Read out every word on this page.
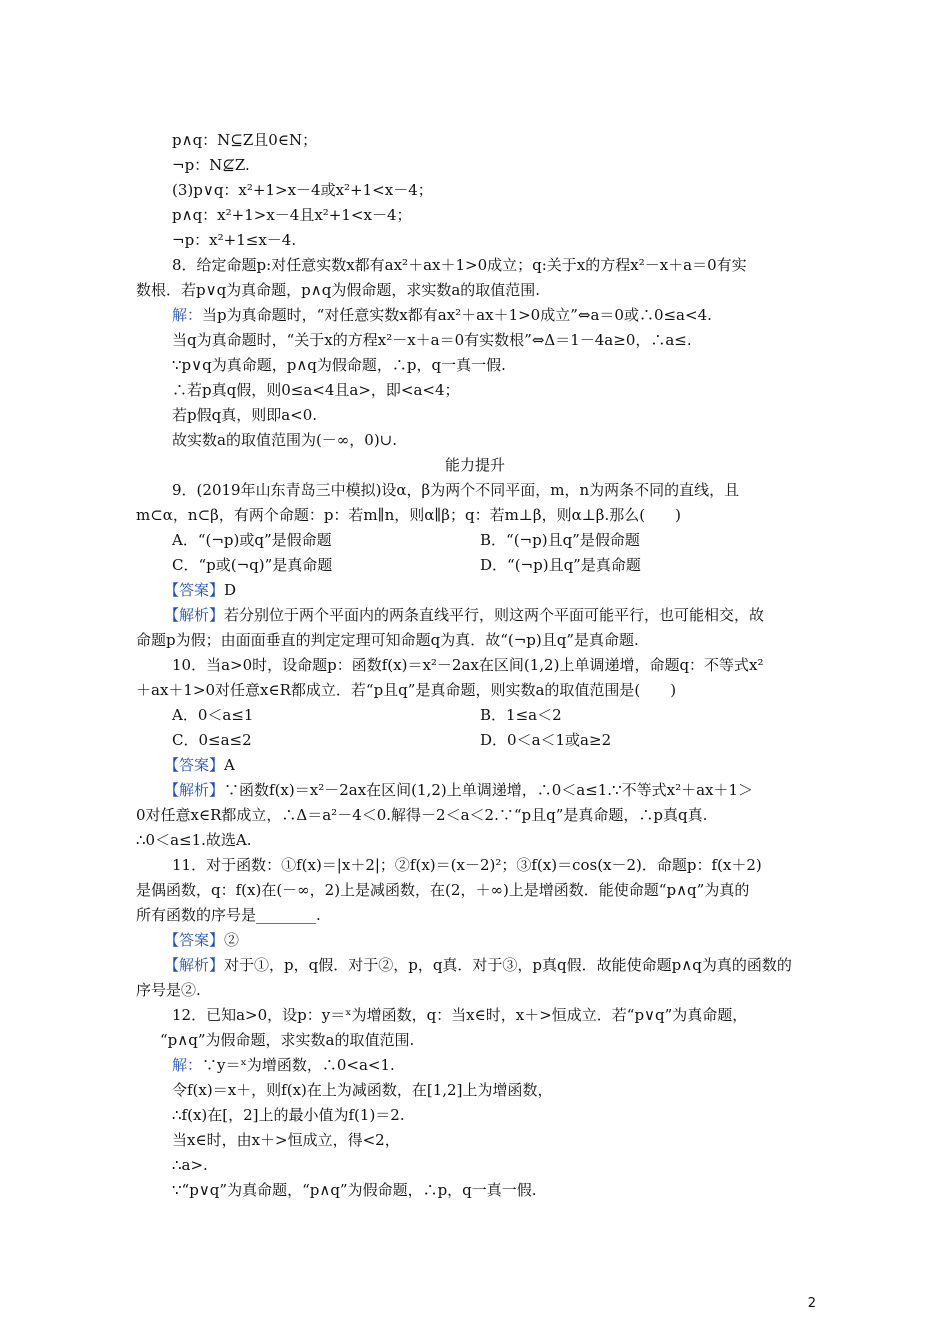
p∧q：N⊆Z且0∈N；
¬p：N⊈Z.
(3)p∨q：x²+1>x－4或x²+1<x－4；
p∧q：x²+1>x－4且x²+1<x－4；
¬p：x²+1≤x－4.
8．给定命题p:对任意实数x都有ax²＋ax＋1>0成立；q:关于x的方程x²－x＋a＝0有实
数根．若p∨q为真命题，p∧q为假命题，求实数a的取值范围.
解：当p为真命题时，“对任意实数x都有ax²＋ax＋1>0成立”⇔a＝0或∴0≤a<4.
当q为真命题时，“关于x的方程x²－x＋a＝0有实数根”⇔Δ＝1－4a≥0，∴a≤.
∵p∨q为真命题，p∧q为假命题，∴p，q一真一假.
∴若p真q假，则0≤a<4且a>，即<a<4；
若p假q真，则即a<0.
故实数a的取值范围为(－∞，0)∪.
能力提升
9．(2019年山东青岛三中模拟)设α，β为两个不同平面，m，n为两条不同的直线，且
m⊂α，n⊂β，有两个命题：p：若m∥n，则α∥β；q：若m⊥β，则α⊥β.那么(　　)
A．“(¬p)或q”是假命题	B．“(¬p)且q”是假命题
C．“p或(¬q)”是真命题	D．“(¬p)且q”是真命题
【答案】D
【解析】若分别位于两个平面内的两条直线平行，则这两个平面可能平行，也可能相交，故
命题p为假；由面面垂直的判定定理可知命题q为真．故“(¬p)且q”是真命题.
10．当a>0时，设命题p：函数f(x)＝x²－2ax在区间(1,2)上单调递增，命题q：不等式x²
＋ax＋1>0对任意x∈R都成立．若“p且q”是真命题，则实数a的取值范围是(　　)
A．0＜a≤1	B．1≤a＜2
C．0≤a≤2	D．0＜a＜1或a≥2
【答案】A
【解析】∵函数f(x)＝x²－2ax在区间(1,2)上单调递增，∴0＜a≤1.∵不等式x²＋ax＋1＞
0对任意x∈R都成立，∴Δ＝a²－4＜0.解得－2＜a＜2.∵“p且q”是真命题，∴p真q真.
∴0＜a≤1.故选A.
11．对于函数：①f(x)＝|x＋2|；②f(x)＝(x－2)²；③f(x)＝cos(x－2)．命题p：f(x＋2)
是偶函数，q：f(x)在(－∞，2)上是减函数，在(2，＋∞)上是增函数．能使命题“p∧q”为真的
所有函数的序号是________.
【答案】②
【解析】对于①，p，q假．对于②，p，q真．对于③，p真q假．故能使命题p∧q为真的函数的
序号是②.
12．已知a>0，设p：y＝ˣ为增函数，q：当x∈时，x＋>恒成立．若“p∨q”为真命题，
“p∧q”为假命题，求实数a的取值范围.
解：∵y＝ˣ为增函数，∴0<a<1.
令f(x)＝x＋，则f(x)在上为减函数，在[1,2]上为增函数，
∴f(x)在[，2]上的最小值为f(1)＝2.
当x∈时，由x＋>恒成立，得<2，
∴a>.
∵“p∨q”为真命题，“p∧q”为假命题，∴p，q一真一假.
2
